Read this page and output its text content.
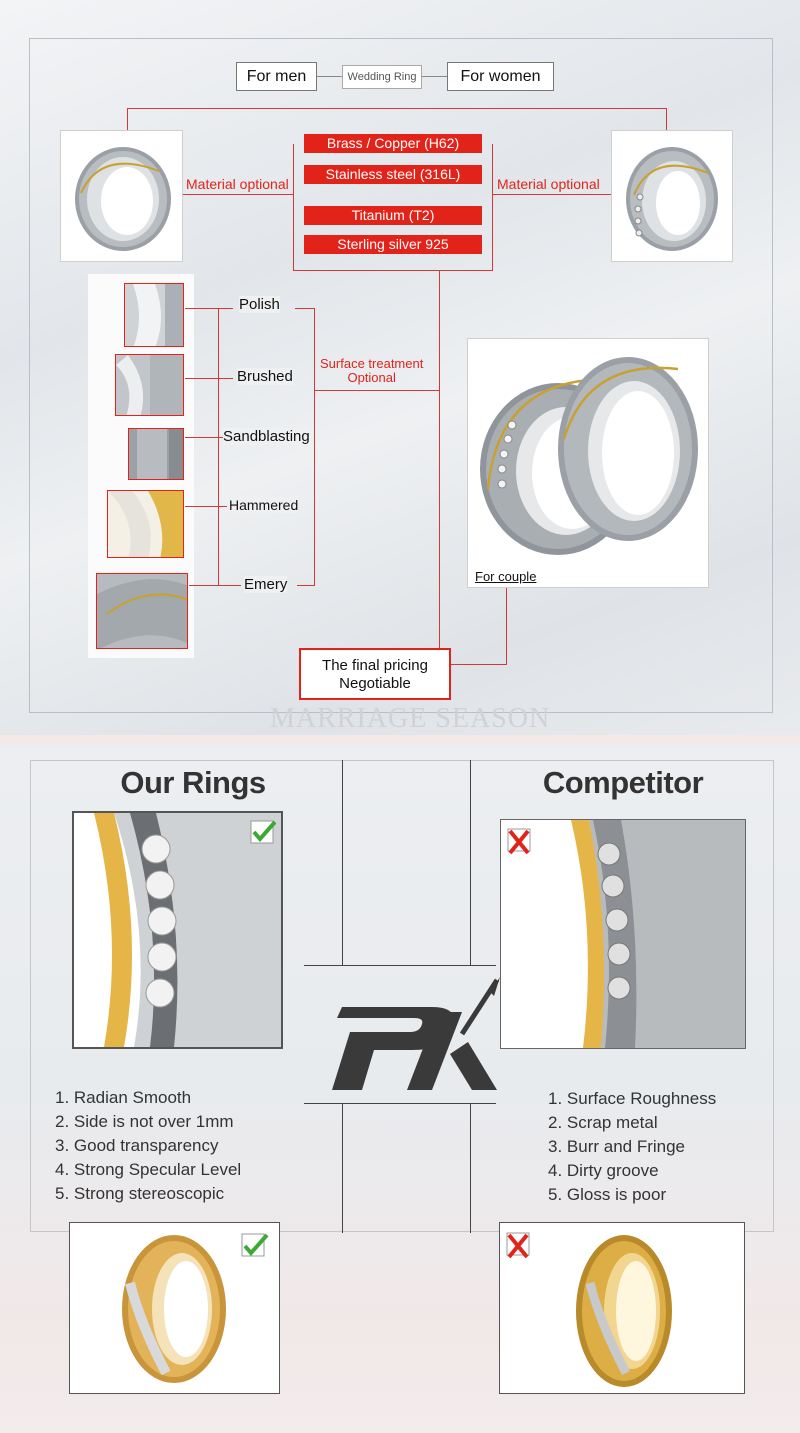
For men	Wedding Ring	For women
Material optional	Material optional
Brass / Copper (H62)
Stainless steel (316L)
Titanium (T2)
Sterling silver 925
Polish
Brushed
Sandblasting
Hammered
Emery
Surface treatment
Optional
For couple
The final pricing
Negotiable
MARRIAGE SEASON
Our Rings	Competitor
1. Radian Smooth
2. Side is not over 1mm
3. Good transparency
4. Strong Specular Level
5. Strong stereoscopic
1. Surface Roughness
2. Scrap metal
3. Burr and Fringe
4. Dirty groove
5. Gloss is poor
